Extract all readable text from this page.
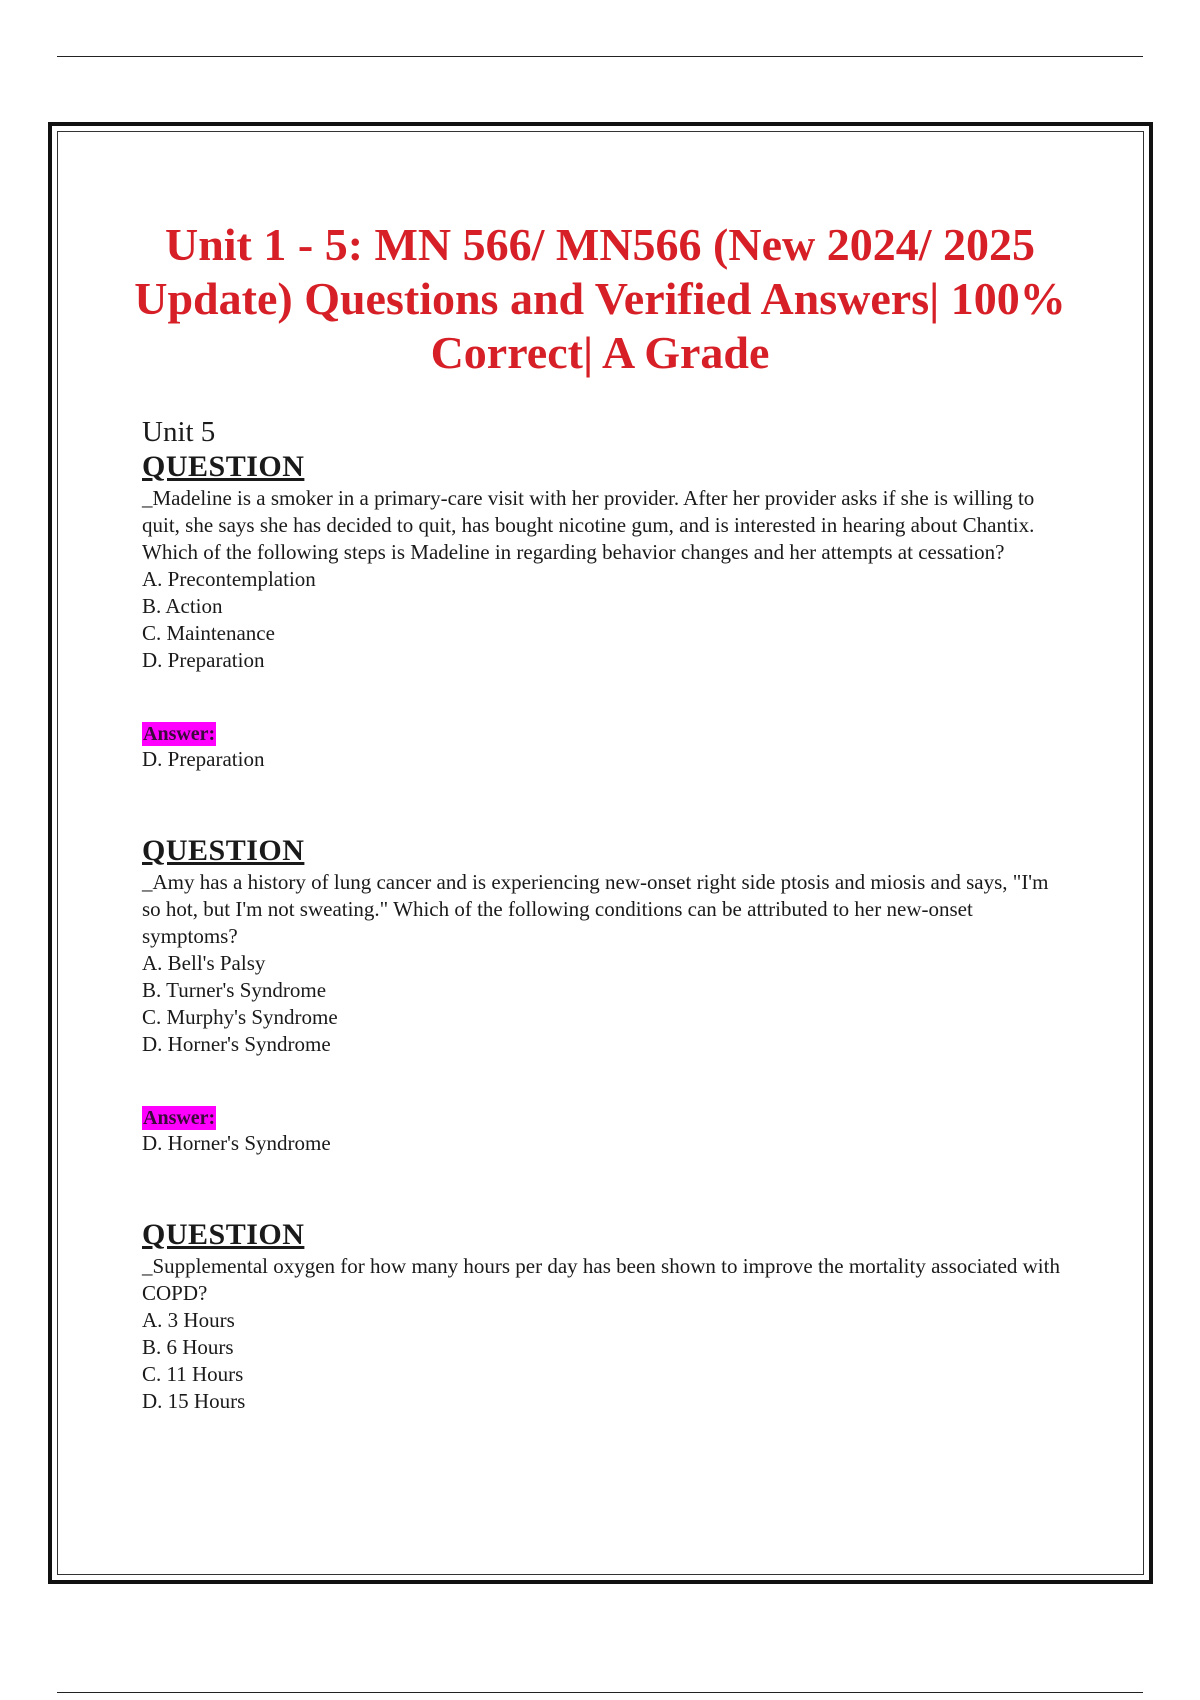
Unit 1 - 5: MN 566/ MN566 (New 2024/ 2025 Update) Questions and Verified Answers| 100% Correct| A Grade

Unit 5

QUESTION

_Madeline is a smoker in a primary-care visit with her provider. After her provider asks if she is willing to quit, she says she has decided to quit, has bought nicotine gum, and is interested in hearing about Chantix. Which of the following steps is Madeline in regarding behavior changes and her attempts at cessation?

A. Precontemplation
B. Action
C. Maintenance
D. Preparation
Answer:

D. Preparation

QUESTION

_Amy has a history of lung cancer and is experiencing new-onset right side ptosis and miosis and says, "I'm so hot, but I'm not sweating." Which of the following conditions can be attributed to her new-onset symptoms?

A. Bell's Palsy
B. Turner's Syndrome
C. Murphy's Syndrome
D. Horner's Syndrome
Answer:

D. Horner's Syndrome

QUESTION

_Supplemental oxygen for how many hours per day has been shown to improve the mortality associated with COPD?

A. 3 Hours
B. 6 Hours
C. 11 Hours
D. 15 Hours
